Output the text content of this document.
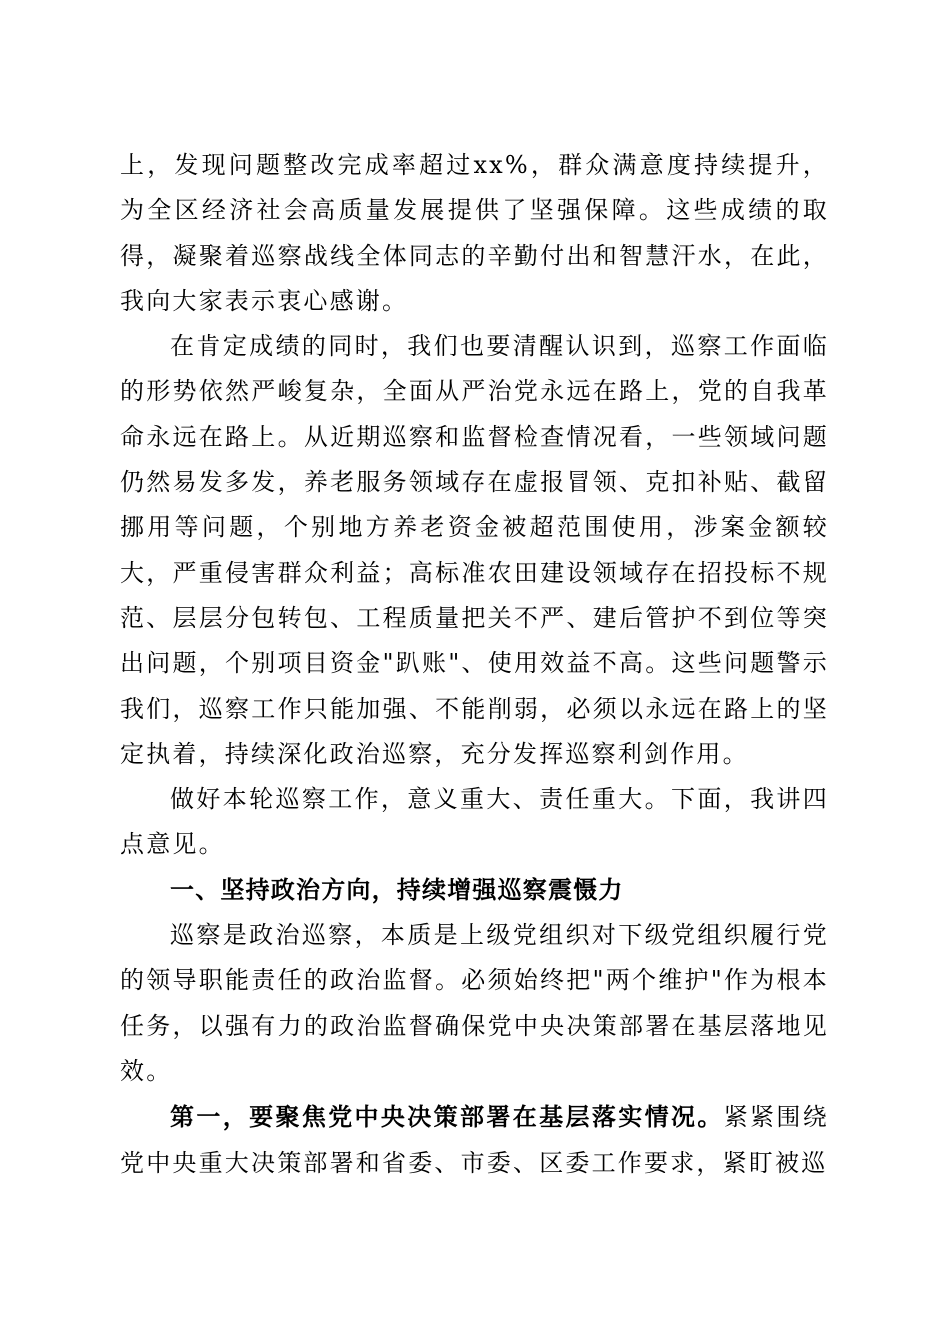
上，发现问题整改完成率超过xx%，群众满意度持续提升，为全区经济社会高质量发展提供了坚强保障。这些成绩的取得，凝聚着巡察战线全体同志的辛勤付出和智慧汗水，在此，我向大家表示衷心感谢。

在肯定成绩的同时，我们也要清醒认识到，巡察工作面临的形势依然严峻复杂，全面从严治党永远在路上，党的自我革命永远在路上。从近期巡察和监督检查情况看，一些领域问题仍然易发多发，养老服务领域存在虚报冒领、克扣补贴、截留挪用等问题，个别地方养老资金被超范围使用，涉案金额较大，严重侵害群众利益；高标准农田建设领域存在招投标不规范、层层分包转包、工程质量把关不严、建后管护不到位等突出问题，个别项目资金"趴账"、使用效益不高。这些问题警示我们，巡察工作只能加强、不能削弱，必须以永远在路上的坚定执着，持续深化政治巡察，充分发挥巡察利剑作用。

做好本轮巡察工作，意义重大、责任重大。下面，我讲四点意见。

一、坚持政治方向，持续增强巡察震慑力

巡察是政治巡察，本质是上级党组织对下级党组织履行党的领导职能责任的政治监督。必须始终把"两个维护"作为根本任务，以强有力的政治监督确保党中央决策部署在基层落地见效。

第一，要聚焦党中央决策部署在基层落实情况。紧紧围绕党中央重大决策部署和省委、市委、区委工作要求，紧盯被巡
